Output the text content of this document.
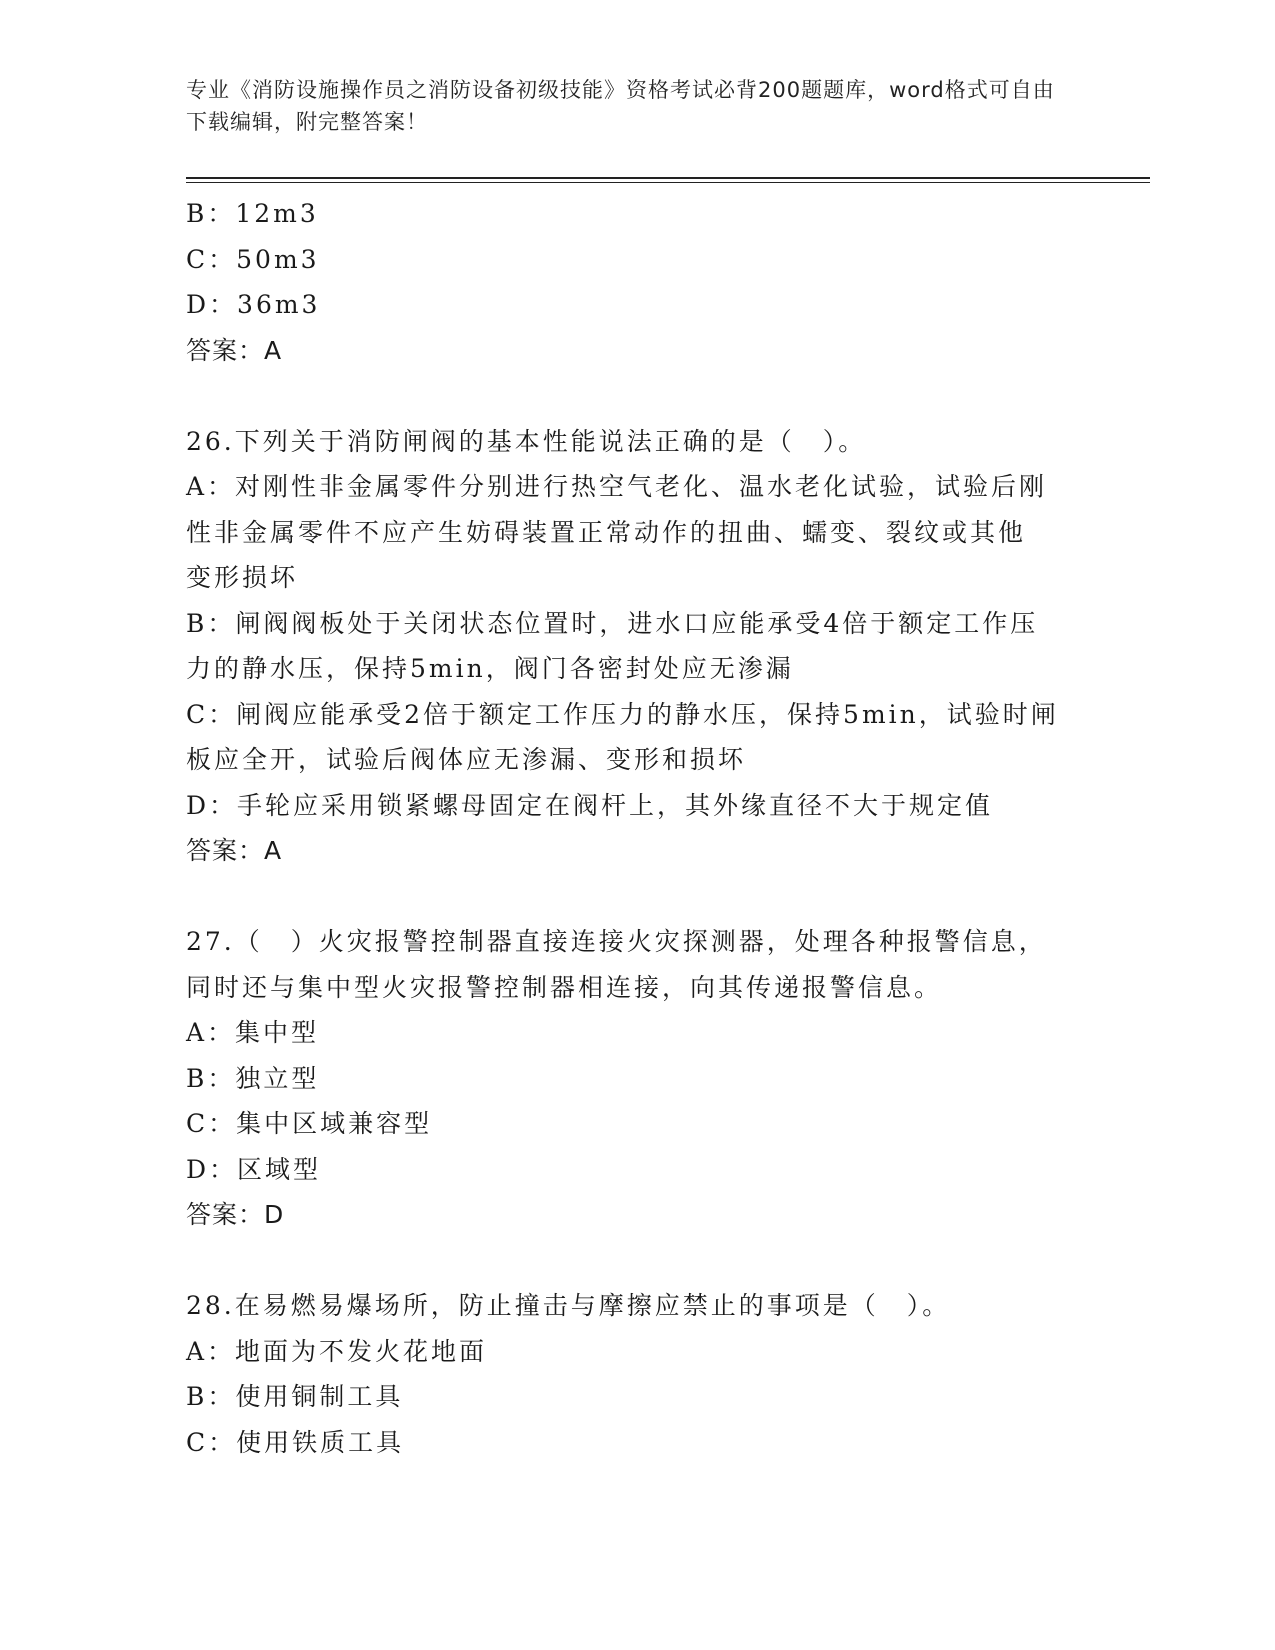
专业《消防设施操作员之消防设备初级技能》资格考试必背200题题库，word格式可自由下载编辑，附完整答案！
B：12m3
C：50m3
D：36m3
答案：A
26.下列关于消防闸阀的基本性能说法正确的是（　）。
A：对刚性非金属零件分别进行热空气老化、温水老化试验，试验后刚
性非金属零件不应产生妨碍装置正常动作的扭曲、蠕变、裂纹或其他
变形损坏
B：闸阀阀板处于关闭状态位置时，进水口应能承受4倍于额定工作压
力的静水压，保持5min，阀门各密封处应无渗漏
C：闸阀应能承受2倍于额定工作压力的静水压，保持5min，试验时闸
板应全开，试验后阀体应无渗漏、变形和损坏
D：手轮应采用锁紧螺母固定在阀杆上，其外缘直径不大于规定值
答案：A
27.（　）火灾报警控制器直接连接火灾探测器，处理各种报警信息，
同时还与集中型火灾报警控制器相连接，向其传递报警信息。
A：集中型
B：独立型
C：集中区域兼容型
D：区域型
答案：D
28.在易燃易爆场所，防止撞击与摩擦应禁止的事项是（　）。
A：地面为不发火花地面
B：使用铜制工具
C：使用铁质工具
